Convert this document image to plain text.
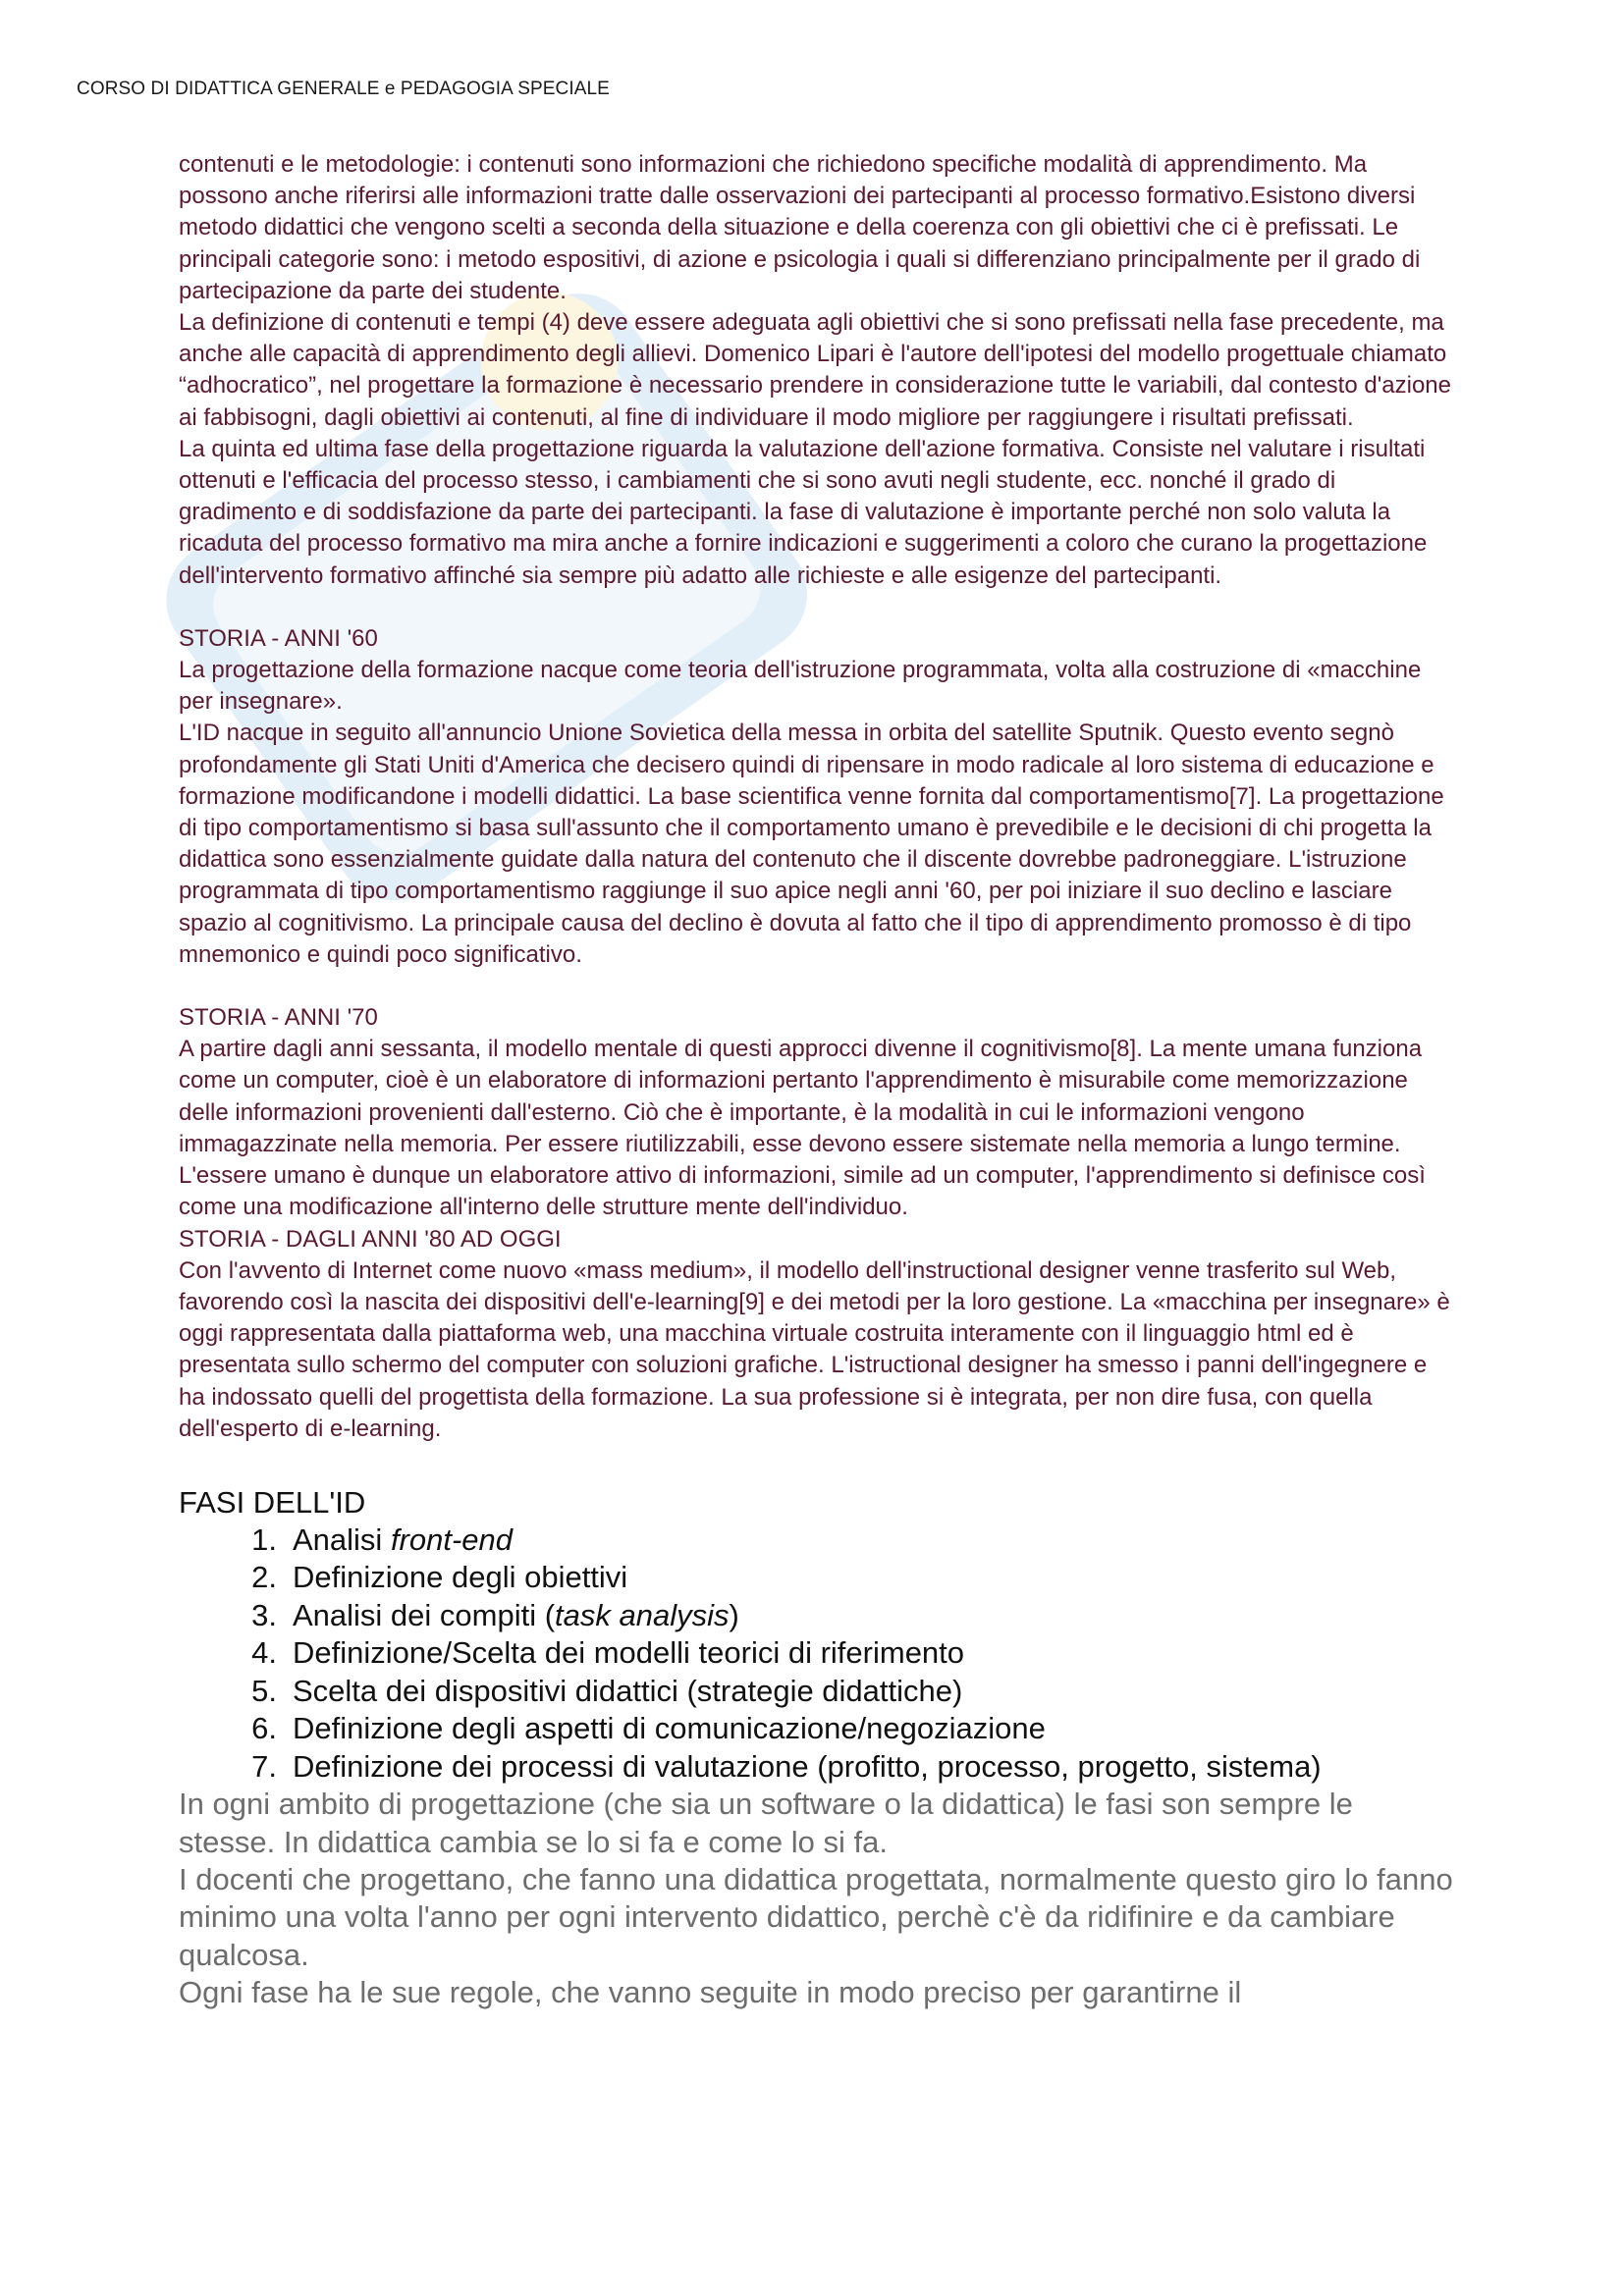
CORSO DI DIDATTICA GENERALE e PEDAGOGIA SPECIALE

contenuti e le metodologie: i contenuti sono informazioni che richiedono specifiche modalità di apprendimento. Ma possono anche riferirsi alle informazioni tratte dalle osservazioni dei partecipanti al processo formativo.Esistono diversi metodo didattici che vengono scelti a seconda della situazione e della coerenza con gli obiettivi che ci è prefissati. Le principali categorie sono: i metodo espositivi, di azione e psicologia i quali si differenziano principalmente per il grado di partecipazione da parte dei studente.

La definizione di contenuti e tempi (4) deve essere adeguata agli obiettivi che si sono prefissati nella fase precedente, ma anche alle capacità di apprendimento degli allievi. Domenico Lipari è l'autore dell'ipotesi del modello progettuale chiamato “adhocratico”, nel progettare la formazione è necessario prendere in considerazione tutte le variabili, dal contesto d'azione ai fabbisogni, dagli obiettivi ai contenuti, al fine di individuare il modo migliore per raggiungere i risultati prefissati.

La quinta ed ultima fase della progettazione riguarda la valutazione dell'azione formativa. Consiste nel valutare i risultati ottenuti e l'efficacia del processo stesso, i cambiamenti che si sono avuti negli studente, ecc. nonché il grado di gradimento e di soddisfazione da parte dei partecipanti. la fase di valutazione è importante perché non solo valuta la ricaduta del processo formativo ma mira anche a fornire indicazioni e suggerimenti a coloro che curano la progettazione dell'intervento formativo affinché sia sempre più adatto alle richieste e alle esigenze del partecipanti.

STORIA - ANNI '60

La progettazione della formazione nacque come teoria dell'istruzione programmata, volta alla costruzione di «macchine per insegnare».

L'ID nacque in seguito all'annuncio Unione Sovietica della messa in orbita del satellite Sputnik. Questo evento segnò profondamente gli Stati Uniti d'America che decisero quindi di ripensare in modo radicale al loro sistema di educazione e formazione modificandone i modelli didattici. La base scientifica venne fornita dal comportamentismo[7]. La progettazione di tipo comportamentismo si basa sull'assunto che il comportamento umano è prevedibile e le decisioni di chi progetta la didattica sono essenzialmente guidate dalla natura del contenuto che il discente dovrebbe padroneggiare. L'istruzione programmata di tipo comportamentismo raggiunge il suo apice negli anni '60, per poi iniziare il suo declino e lasciare spazio al cognitivismo. La principale causa del declino è dovuta al fatto che il tipo di apprendimento promosso è di tipo mnemonico e quindi poco significativo.

STORIA - ANNI '70

A partire dagli anni sessanta, il modello mentale di questi approcci divenne il cognitivismo[8]. La mente umana funziona come un computer, cioè è un elaboratore di informazioni pertanto l'apprendimento è misurabile come memorizzazione delle informazioni provenienti dall'esterno. Ciò che è importante, è la modalità in cui le informazioni vengono immagazzinate nella memoria. Per essere riutilizzabili, esse devono essere sistemate nella memoria a lungo termine. L'essere umano è dunque un elaboratore attivo di informazioni, simile ad un computer, l'apprendimento si definisce così come una modificazione all'interno delle strutture mente dell'individuo.

STORIA - DAGLI ANNI '80 AD OGGI

Con l'avvento di Internet come nuovo «mass medium», il modello dell'instructional designer venne trasferito sul Web, favorendo così la nascita dei dispositivi dell'e-learning[9] e dei metodi per la loro gestione. La «macchina per insegnare» è oggi rappresentata dalla piattaforma web, una macchina virtuale costruita interamente con il linguaggio html ed è presentata sullo schermo del computer con soluzioni grafiche. L'istructional designer ha smesso i panni dell'ingegnere e ha indossato quelli del progettista della formazione. La sua professione si è integrata, per non dire fusa, con quella dell'esperto di e-learning.

FASI DELL'ID

1. Analisi front-end
2. Definizione degli obiettivi
3. Analisi dei compiti (task analysis)
4. Definizione/Scelta dei modelli teorici di riferimento
5. Scelta dei dispositivi didattici (strategie didattiche)
6. Definizione degli aspetti di comunicazione/negoziazione
7. Definizione dei processi di valutazione (profitto, processo, progetto, sistema)

In ogni ambito di progettazione (che sia un software o la didattica) le fasi son sempre le stesse. In didattica cambia se lo si fa e come lo si fa.

I docenti che progettano, che fanno una didattica progettata, normalmente questo giro lo fanno minimo una volta l'anno per ogni intervento didattico, perchè c'è da ridifinire e da cambiare qualcosa.

Ogni fase ha le sue regole, che vanno seguite in modo preciso per garantirne il
